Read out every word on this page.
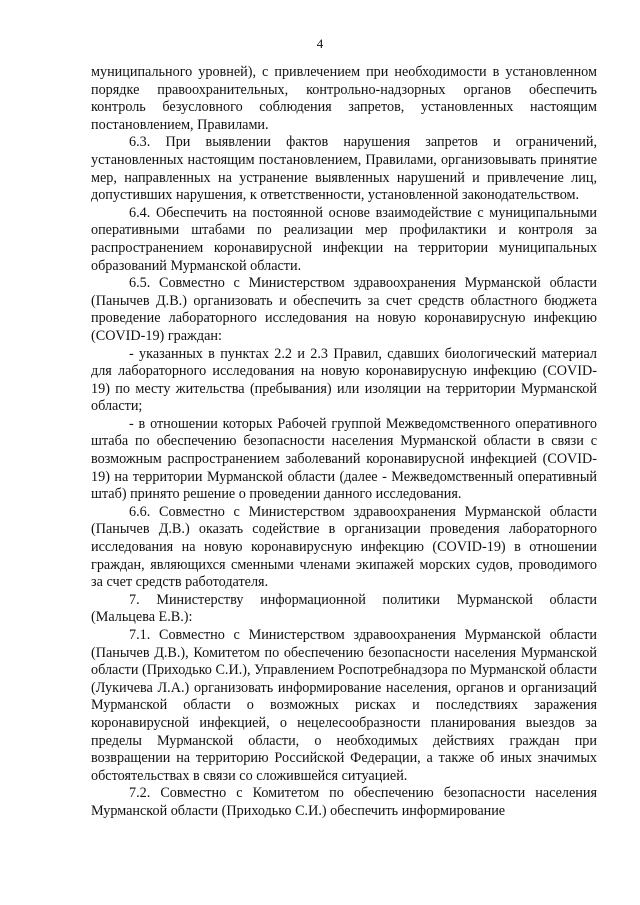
4

муниципального уровней), с привлечением при необходимости в установленном порядке правоохранительных, контрольно-надзорных органов обеспечить контроль безусловного соблюдения запретов, установленных настоящим постановлением, Правилами.

6.3. При выявлении фактов нарушения запретов и ограничений, установленных настоящим постановлением, Правилами, организовывать принятие мер, направленных на устранение выявленных нарушений и привлечение лиц, допустивших нарушения, к ответственности, установленной законодательством.

6.4. Обеспечить на постоянной основе взаимодействие с муниципальными оперативными штабами по реализации мер профилактики и контроля за распространением коронавирусной инфекции на территории муниципальных образований Мурманской области.

6.5. Совместно с Министерством здравоохранения Мурманской области (Панычев Д.В.) организовать и обеспечить за счет средств областного бюджета проведение лабораторного исследования на новую коронавирусную инфекцию (COVID-19) граждан:

- указанных в пунктах 2.2 и 2.3 Правил, сдавших биологический материал для лабораторного исследования на новую коронавирусную инфекцию (COVID-19) по месту жительства (пребывания) или изоляции на территории Мурманской области;

- в отношении которых Рабочей группой Межведомственного оперативного штаба по обеспечению безопасности населения Мурманской области в связи с возможным распространением заболеваний коронавирусной инфекцией (COVID-19) на территории Мурманской области (далее - Межведомственный оперативный штаб) принято решение о проведении данного исследования.

6.6. Совместно с Министерством здравоохранения Мурманской области (Панычев Д.В.) оказать содействие в организации проведения лабораторного исследования на новую коронавирусную инфекцию (COVID-19) в отношении граждан, являющихся сменными членами экипажей морских судов, проводимого за счет средств работодателя.

7. Министерству информационной политики Мурманской области (Мальцева Е.В.):

7.1. Совместно с Министерством здравоохранения Мурманской области (Панычев Д.В.), Комитетом по обеспечению безопасности населения Мурманской области (Приходько С.И.), Управлением Роспотребнадзора по Мурманской области (Лукичева Л.А.) организовать информирование населения, органов и организаций Мурманской области о возможных рисках и последствиях заражения коронавирусной инфекцией, о нецелесообразности планирования выездов за пределы Мурманской области, о необходимых действиях граждан при возвращении на территорию Российской Федерации, а также об иных значимых обстоятельствах в связи со сложившейся ситуацией.

7.2. Совместно с Комитетом по обеспечению безопасности населения Мурманской области (Приходько С.И.) обеспечить информирование
